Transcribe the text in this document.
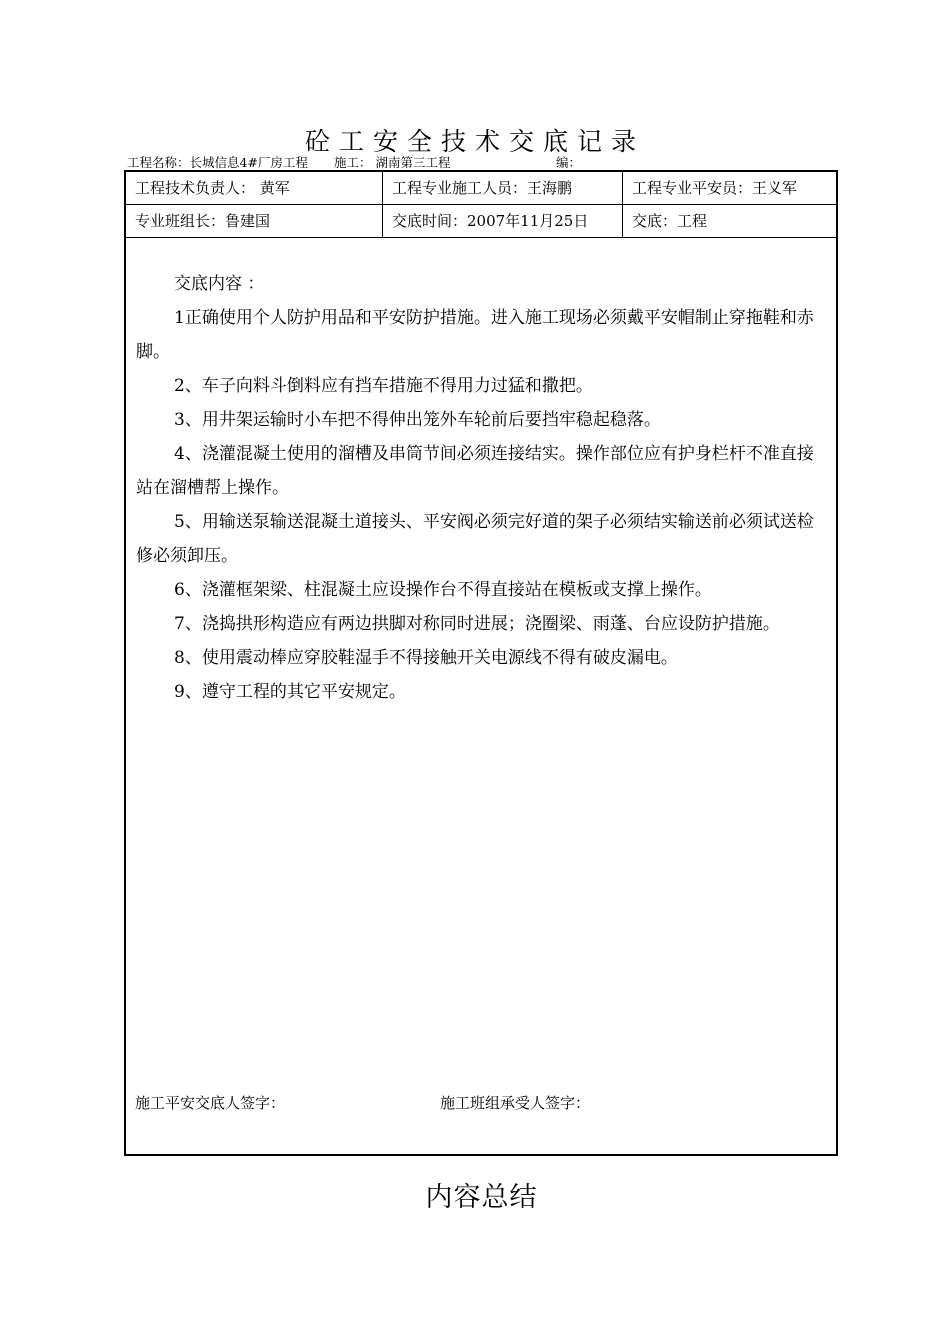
砼工安全技术交底记录
工程名称：长城信息4#厂房工程 施工： 湖南第三工程	编：
工程技术负责人： 黄军	工程专业施工人员：王海鹏	工程专业平安员：王义军
专业班组长：鲁建国	交底时间：2007年11月25日	交底：工程

交底内容 ：

1正确使用个人防护用品和平安防护措施。进入施工现场必须戴平安帽制止穿拖鞋和赤脚。

2、车子向料斗倒料应有挡车措施不得用力过猛和撒把。

3、用井架运输时小车把不得伸出笼外车轮前后要挡牢稳起稳落。

4、浇灌混凝土使用的溜槽及串筒节间必须连接结实。操作部位应有护身栏杆不准直接站在溜槽帮上操作。

5、用输送泵输送混凝土道接头、平安阀必须完好道的架子必须结实输送前必须试送检修必须卸压。

6、浇灌框架梁、柱混凝土应设操作台不得直接站在模板或支撑上操作。

7、浇捣拱形构造应有两边拱脚对称同时进展；浇圈梁、雨蓬、台应设防护措施。

8、使用震动棒应穿胶鞋湿手不得接触开关电源线不得有破皮漏电。

9、遵守工程的其它平安规定。

施工平安交底人签字：	施工班组承受人签字：
内容总结
